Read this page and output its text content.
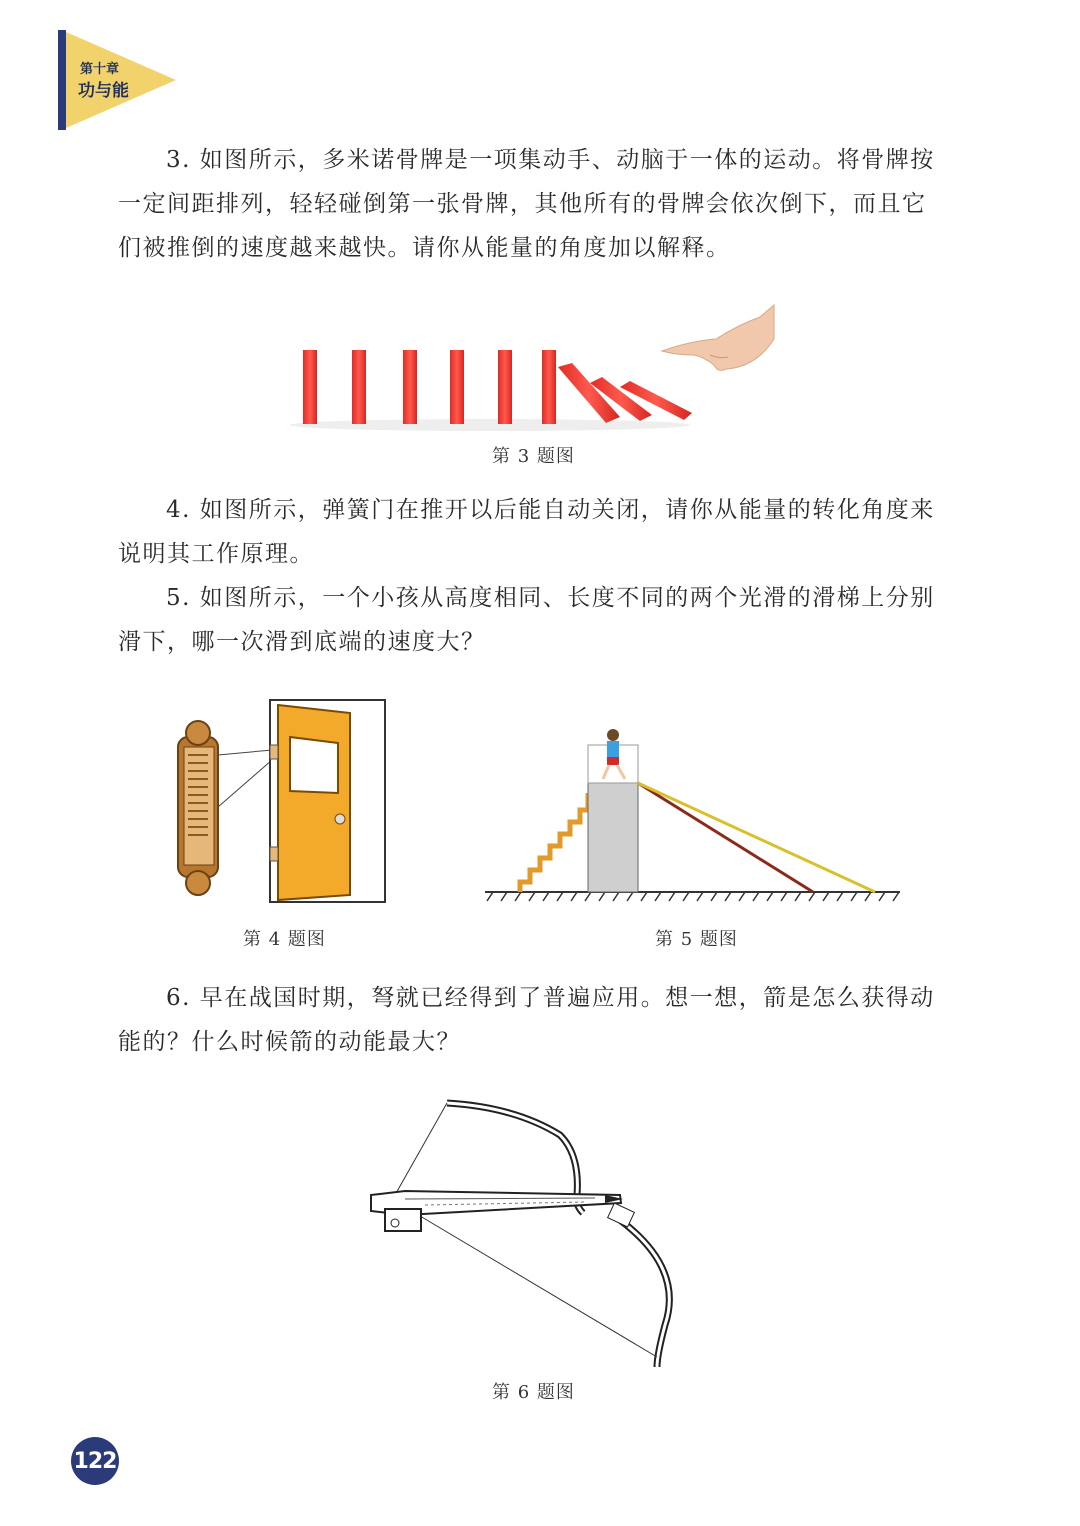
第十章
功与能

3. 如图所示，多米诺骨牌是一项集动手、动脑于一体的运动。将骨牌按一定间距排列，轻轻碰倒第一张骨牌，其他所有的骨牌会依次倒下，而且它们被推倒的速度越来越快。请你从能量的角度加以解释。

第 3 题图

4. 如图所示，弹簧门在推开以后能自动关闭，请你从能量的转化角度来说明其工作原理。

5. 如图所示，一个小孩从高度相同、长度不同的两个光滑的滑梯上分别滑下，哪一次滑到底端的速度大？

第 4 题图	第 5 题图

6. 早在战国时期，弩就已经得到了普遍应用。想一想，箭是怎么获得动能的？什么时候箭的动能最大？

第 6 题图
122
